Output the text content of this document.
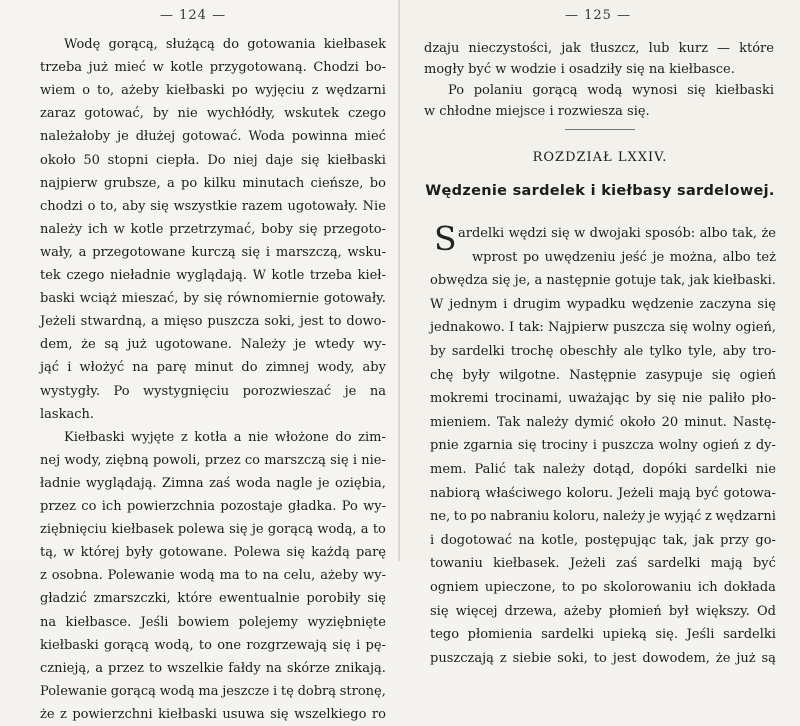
— 124 —
Wodę gorącą, służącą do gotowania kiełbasek
trzeba już mieć w kotle przygotowaną. Chodzi bo-
wiem o to, ażeby kiełbaski po wyjęciu z wędzarni
zaraz gotować, by nie wychłódły, wskutek czego
należałoby je dłużej gotować. Woda powinna mieć
około 50 stopni ciepła. Do niej daje się kiełbaski
najpierw grubsze, a po kilku minutach cieńsze, bo
chodzi o to, aby się wszystkie razem ugotowały. Nie
należy ich w kotle przetrzymać, boby się przegoto-
wały, a przegotowane kurczą się i marszczą, wsku-
tek czego nieładnie wyglądają. W kotle trzeba kieł-
baski wciąż mieszać, by się równomiernie gotowały.
Jeżeli stwardną, a mięso puszcza soki, jest to dowo-
dem, że są już ugotowane. Należy je wtedy wy-
jąć i włożyć na parę minut do zimnej wody, aby
wystygły. Po wystygnięciu porozwieszać je na
laskach.
Kiełbaski wyjęte z kotła a nie włożone do zim-
nej wody, ziębną powoli, przez co marszczą się i nie-
ładnie wyglądają. Zimna zaś woda nagle je oziębia,
przez co ich powierzchnia pozostaje gładka. Po wy-
ziębnięciu kiełbasek polewa się je gorącą wodą, a to
tą, w której były gotowane. Polewa się każdą parę
z osobna. Polewanie wodą ma to na celu, ażeby wy-
gładzić zmarszczki, które ewentualnie porobiły się
na kiełbasce. Jeśli bowiem polejemy wyziębnięte
kiełbaski gorącą wodą, to one rozgrzewają się i pę-
cznieją, a przez to wszelkie fałdy na skórze znikają.
Polewanie gorącą wodą ma jeszcze i tę dobrą stronę,
że z powierzchni kiełbaski usuwa się wszelkiego ro
— 125 —
dzaju nieczystości, jak tłuszcz, lub kurz — które
mogły być w wodzie i osadziły się na kiełbasce.
Po polaniu gorącą wodą wynosi się kiełbaski
w chłodne miejsce i rozwiesza się.
ROZDZIAŁ LXXIV.
Wędzenie sardelek i kiełbasy sardelowej.
S ardelki wędzi się w dwojaki sposób: albo tak, że
wprost po uwędzeniu jeść je można, albo też
obwędza się je, a następnie gotuje tak, jak kiełbaski.
W jednym i drugim wypadku wędzenie zaczyna się
jednakowo. I tak: Najpierw puszcza się wolny ogień,
by sardelki trochę obeschły ale tylko tyle, aby tro-
chę były wilgotne. Następnie zasypuje się ogień
mokremi trocinami, uważając by się nie paliło pło-
mieniem. Tak należy dymić około 20 minut. Nastę-
pnie zgarnia się trociny i puszcza wolny ogień z dy-
mem. Palić tak należy dotąd, dopóki sardelki nie
nabiorą właściwego koloru. Jeżeli mają być gotowa-
ne, to po nabraniu koloru, należy je wyjąć z wędzarni
i dogotować na kotle, postępując tak, jak przy go-
towaniu kiełbasek. Jeżeli zaś sardelki mają być
ogniem upieczone, to po skolorowaniu ich dokłada
się więcej drzewa, ażeby płomień był większy. Od
tego płomienia sardelki upieką się. Jeśli sardelki
puszczają z siebie soki, to jest dowodem, że już są
